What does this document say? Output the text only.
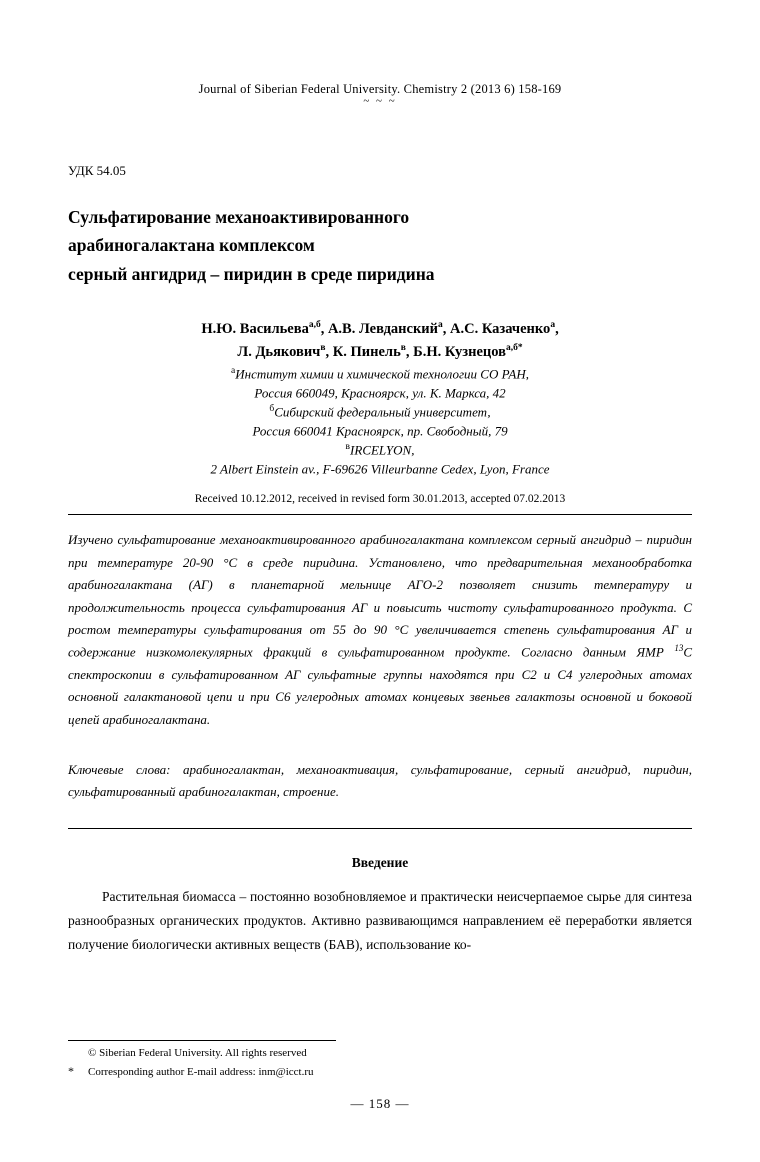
Journal of Siberian Federal University. Chemistry 2 (2013 6) 158-169
~ ~ ~
УДК 54.05
Сульфатирование механоактивированного
арабиногалактана комплексом
серный ангидрид – пиридин в среде пиридина
Н.Ю. Васильева$^{а,б}$, А.В. Левданский$^а$, А.С. Казаченко$^а$,
Л. Дьякович$^в$, К. Пинель$^в$, Б.Н. Кузнецов$^{а,б*}$
$^а$Институт химии и химической технологии СО РАН,
Россия 660049, Красноярск, ул. К. Маркса, 42
$^б$Сибирский федеральный университет,
Россия 660041 Красноярск, пр. Свободный, 79
$^в$IRCELYON,
2 Albert Einstein av., F-69626 Villeurbanne Cedex, Lyon, France
Received 10.12.2012, received in revised form 30.01.2013, accepted 07.02.2013
Изучено сульфатирование механоактивированного арабиногалактана комплексом серный ангидрид – пиридин при температуре 20-90 °С в среде пиридина. Установлено, что предварительная механообработка арабиногалактана (АГ) в планетарной мельнице АГО-2 позволяет снизить температуру и продолжительность процесса сульфатирования АГ и повысить чистоту сульфатированного продукта. С ростом температуры сульфатирования от 55 до 90 °С увеличивается степень сульфатирования АГ и содержание низкомолекулярных фракций в сульфатированном продукте. Согласно данным ЯМР $^{13}$С спектроскопии в сульфатированном АГ сульфатные группы находятся при С2 и С4 углеродных атомах основной галактановой цепи и при С6 углеродных атомах концевых звеньев галактозы основной и боковой цепей арабиногалактана.
Ключевые слова: арабиногалактан, механоактивация, сульфатирование, серный ангидрид, пиридин, сульфатированный арабиногалактан, строение.
Введение
Растительная биомасса – постоянно возобновляемое и практически неисчерпаемое сырье для синтеза разнообразных органических продуктов. Активно развивающимся направлением её переработки является получение биологически активных веществ (БАВ), использование ко-
© Siberian Federal University. All rights reserved
* Corresponding author E-mail address: inm@icct.ru
— 158 —
